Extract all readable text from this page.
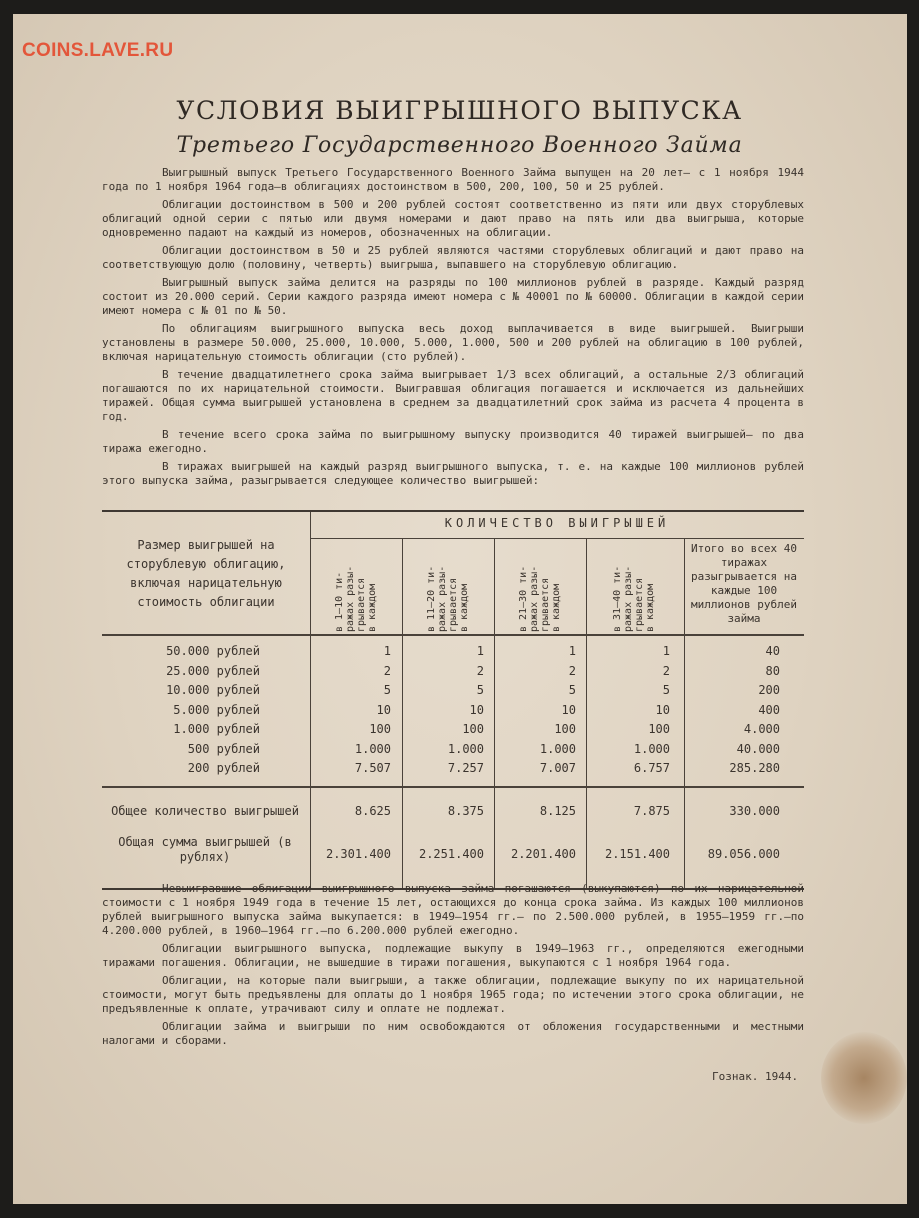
COINS.LAVE.RU
УСЛОВИЯ ВЫИГРЫШНОГО ВЫПУСКА
Третьего Государственного Военного Займа

Выигрышный выпуск Третьего Государственного Военного Займа выпущен на 20 лет— с 1 ноября 1944 года по 1 ноября 1964 года—в облигациях достоинством в 500, 200, 100, 50 и 25 рублей.

Облигации достоинством в 500 и 200 рублей состоят соответственно из пяти или двух сторублевых облигаций одной серии с пятью или двумя номерами и дают право на пять или два выигрыша, которые одновременно падают на каждый из номеров, обозначенных на облигации.

Облигации достоинством в 50 и 25 рублей являются частями сторублевых облигаций и дают право на соответствующую долю (половину, четверть) выигрыша, выпавшего на сторублевую облигацию.

Выигрышный выпуск займа делится на разряды по 100 миллионов рублей в разряде. Каждый разряд состоит из 20.000 серий. Серии каждого разряда имеют номера с № 40001 по № 60000. Облигации в каждой серии имеют номера с № 01 по № 50.

По облигациям выигрышного выпуска весь доход выплачивается в виде выигрышей. Выигрыши установлены в размере 50.000, 25.000, 10.000, 5.000, 1.000, 500 и 200 рублей на облигацию в 100 рублей, включая нарицательную стоимость облигации (сто рублей).

В течение двадцатилетнего срока займа выигрывает 1/3 всех облигаций, а остальные 2/3 облигаций погашаются по их нарицательной стоимости. Выигравшая облигация погашается и исключается из дальнейших тиражей. Общая сумма выигрышей установлена в среднем за двадцатилетний срок займа из расчета 4 процента в год.

В течение всего срока займа по выигрышному выпуску производится 40 тиражей выигрышей— по два тиража ежегодно.

В тиражах выигрышей на каждый разряд выигрышного выпуска, т. е. на каждые 100 миллионов рублей этого выпуска займа, разыгрывается следующее количество выигрышей:

Размер выигрышей на сторублевую облигацию, включая нарицательную стоимость облигации
КОЛИЧЕСТВО ВЫИГРЫШЕЙ
в 1—10 ти-
ражах разы-
грывается
в каждом
в 11—20 ти-
ражах разы-
грывается
в каждом
в 21—30 ти-
ражах разы-
грывается
в каждом
в 31—40 ти-
ражах разы-
грывается
в каждом
Итого во всех 40 тиражах разыгрывается на каждые 100 миллионов рублей займа
50.000 рублей	1	1	1	1	40
25.000 рублей	2	2	2	2	80
10.000 рублей	5	5	5	5	200
5.000 рублей	10	10	10	10	400
1.000 рублей	100	100	100	100	4.000
500 рублей	1.000	1.000	1.000	1.000	40.000
200 рублей	7.507	7.257	7.007	6.757	285.280
Общее количество выигрышей	8.625	8.375	8.125	7.875	330.000
Общая сумма выигрышей (в рублях)	2.301.400 2.251.400 2.201.400 2.151.400	89.056.000

Невыигравшие облигации выигрышного выпуска займа погашаются (выкупаются) по их нарицательной стоимости с 1 ноября 1949 года в течение 15 лет, остающихся до конца срока займа. Из каждых 100 миллионов рублей выигрышного выпуска займа выкупается: в 1949—1954 гг.— по 2.500.000 рублей, в 1955—1959 гг.—по 4.200.000 рублей, в 1960—1964 гг.—по 6.200.000 рублей ежегодно.

Облигации выигрышного выпуска, подлежащие выкупу в 1949—1963 гг., определяются ежегодными тиражами погашения. Облигации, не вышедшие в тиражи погашения, выкупаются с 1 ноября 1964 года.

Облигации, на которые пали выигрыши, а также облигации, подлежащие выкупу по их нарицательной стоимости, могут быть предъявлены для оплаты до 1 ноября 1965 года; по истечении этого срока облигации, не предъявленные к оплате, утрачивают силу и оплате не подлежат.

Облигации займа и выигрыши по ним освобождаются от обложения государственными и местными налогами и сборами.

Гознак. 1944.
